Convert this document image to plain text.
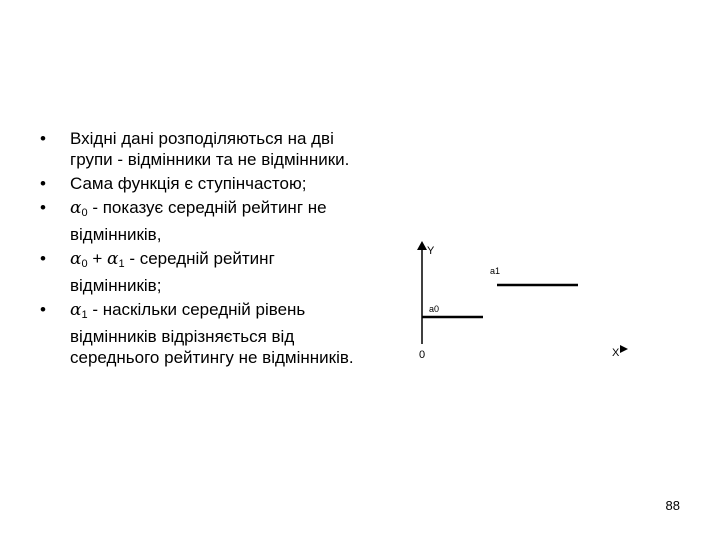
• Вхідні дані розподіляються на дві групи - відмінники та не відмінники.
• Сама функція є ступінчастою;
• $\alpha_0$ - показує середній рейтинг не відмінників,
• $\alpha_0 + \alpha_1$ - середній рейтинг відмінників;
• $\alpha_1$ - наскільки середній рівень відмінників відрізняється від середнього рейтингу не відмінників.
Y
0	X
a1
a0
88
